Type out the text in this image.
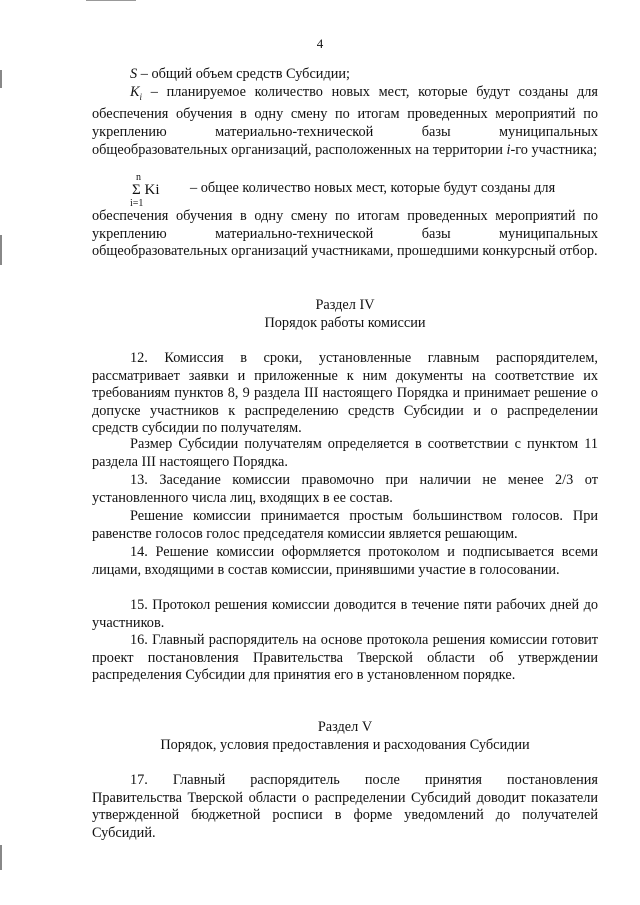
4

S – общий объем средств Субсидии;

$K_i$ – планируемое количество новых мест, которые будут созданы для обеспечения обучения в одну смену по итогам проведенных мероприятий по укреплению материально-технической базы муниципальных общеобразовательных организаций, расположенных на территории i-го участника;

n
Σ Ki
i=1

– общее количество новых мест, которые будут созданы для

обеспечения обучения в одну смену по итогам проведенных мероприятий по укреплению материально-технической базы муниципальных общеобразовательных организаций участниками, прошедшими конкурсный отбор.

Раздел IV
Порядок работы комиссии

12. Комиссия в сроки, установленные главным распорядителем, рассматривает заявки и приложенные к ним документы на соответствие их требованиям пунктов 8, 9 раздела III настоящего Порядка и принимает решение о допуске участников к распределению средств Субсидии и о распределении средств субсидии по получателям.

Размер Субсидии получателям определяется в соответствии с пунктом 11 раздела III настоящего Порядка.

13. Заседание комиссии правомочно при наличии не менее 2/3 от установленного числа лиц, входящих в ее состав.

Решение комиссии принимается простым большинством голосов. При равенстве голосов голос председателя комиссии является решающим.

14. Решение комиссии оформляется протоколом и подписывается всеми лицами, входящими в состав комиссии, принявшими участие в голосовании.

15. Протокол решения комиссии доводится в течение пяти рабочих дней до участников.

16. Главный распорядитель на основе протокола решения комиссии готовит проект постановления Правительства Тверской области об утверждении распределения Субсидии для принятия его в установленном порядке.

Раздел V
Порядок, условия предоставления и расходования Субсидии

17.     Главный     распорядитель     после     принятия     постановления Правительства Тверской области о распределении Субсидий доводит показатели утвержденной бюджетной росписи в форме уведомлений до получателей Субсидий.
